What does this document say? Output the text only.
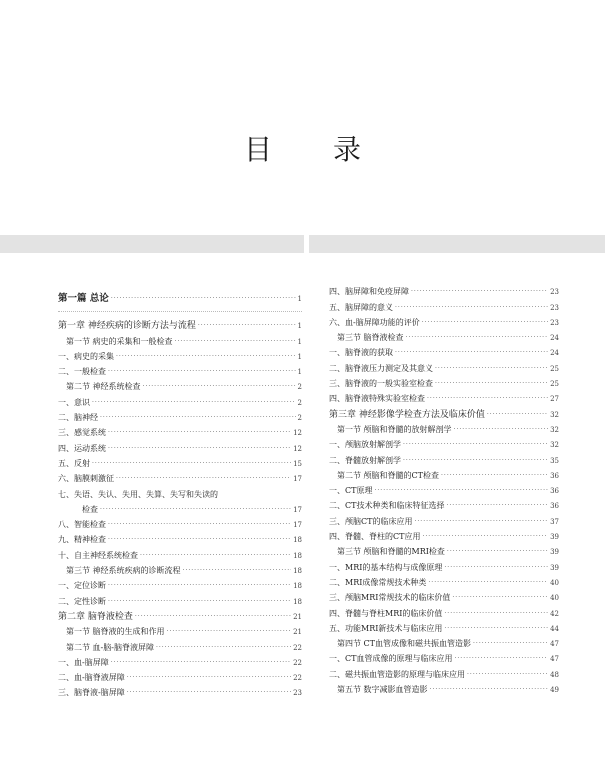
目 录
第一篇 总论 ·····	1
第一章 神经疾病的诊断方法与流程 ·····	1
第一节 病史的采集和一般检查 ·····	1
一、病史的采集 ·····	1
二、一般检查 ·····	1
第二节 神经系统检查 ·····	2
一、意识 ·····	2
二、脑神经 ·····	2
三、感觉系统 ·····	12
四、运动系统 ·····	12
五、反射 ·····	15
六、脑膜刺激征 ·····	17
七、失语、失认、失用、失算、失写和失读的
检查 ·····	17
八、智能检查 ·····	17
九、精神检查 ·····	18
十、自主神经系统检查 ·····	18
第三节 神经系统疾病的诊断流程 ·····	18
一、定位诊断 ·····	18
二、定性诊断 ·····	18
第二章 脑脊液检查 ·····	21
第一节 脑脊液的生成和作用 ·····	21
第二节 血-脑-脑脊液屏障 ·····	22
一、血-脑屏障 ·····	22
二、血-脑脊液屏障 ·····	22
三、脑脊液-脑屏障 ·····	23
四、脑屏障和免疫屏障 ·····	23
五、脑屏障的意义 ·····	23
六、血-脑屏障功能的评价 ·····	23
第三节 脑脊液检查 ·····	24
一、脑脊液的获取 ·····	24
二、脑脊液压力测定及其意义 ·····	25
三、脑脊液的一般实验室检查 ·····	25
四、脑脊液特殊实验室检查 ·····	27
第三章 神经影像学检查方法及临床价值 ·····	32
第一节 颅脑和脊髓的放射解剖学 ·····	32
一、颅脑放射解剖学 ·····	32
二、脊髓放射解剖学 ·····	35
第二节 颅脑和脊髓的CT检查 ·····	36
一、CT原理 ·····	36
二、CT技术种类和临床特征选择 ·····	36
三、颅脑CT的临床应用 ·····	37
四、脊髓、脊柱的CT应用 ·····	39
第三节 颅脑和脊髓的MRI检查 ·····	39
一、MRI的基本结构与成像原理 ·····	39
二、MRI成像常规技术种类 ·····	40
三、颅脑MRI常规技术的临床价值 ·····	40
四、脊髓与脊柱MRI的临床价值 ·····	42
五、功能MRI新技术与临床应用 ·····	44
第四节 CT血管成像和磁共振血管造影 ·····	47
一、CT血管成像的原理与临床应用 ·····	47
二、磁共振血管造影的原理与临床应用 ·····	48
第五节 数字减影血管造影 ·····	49
